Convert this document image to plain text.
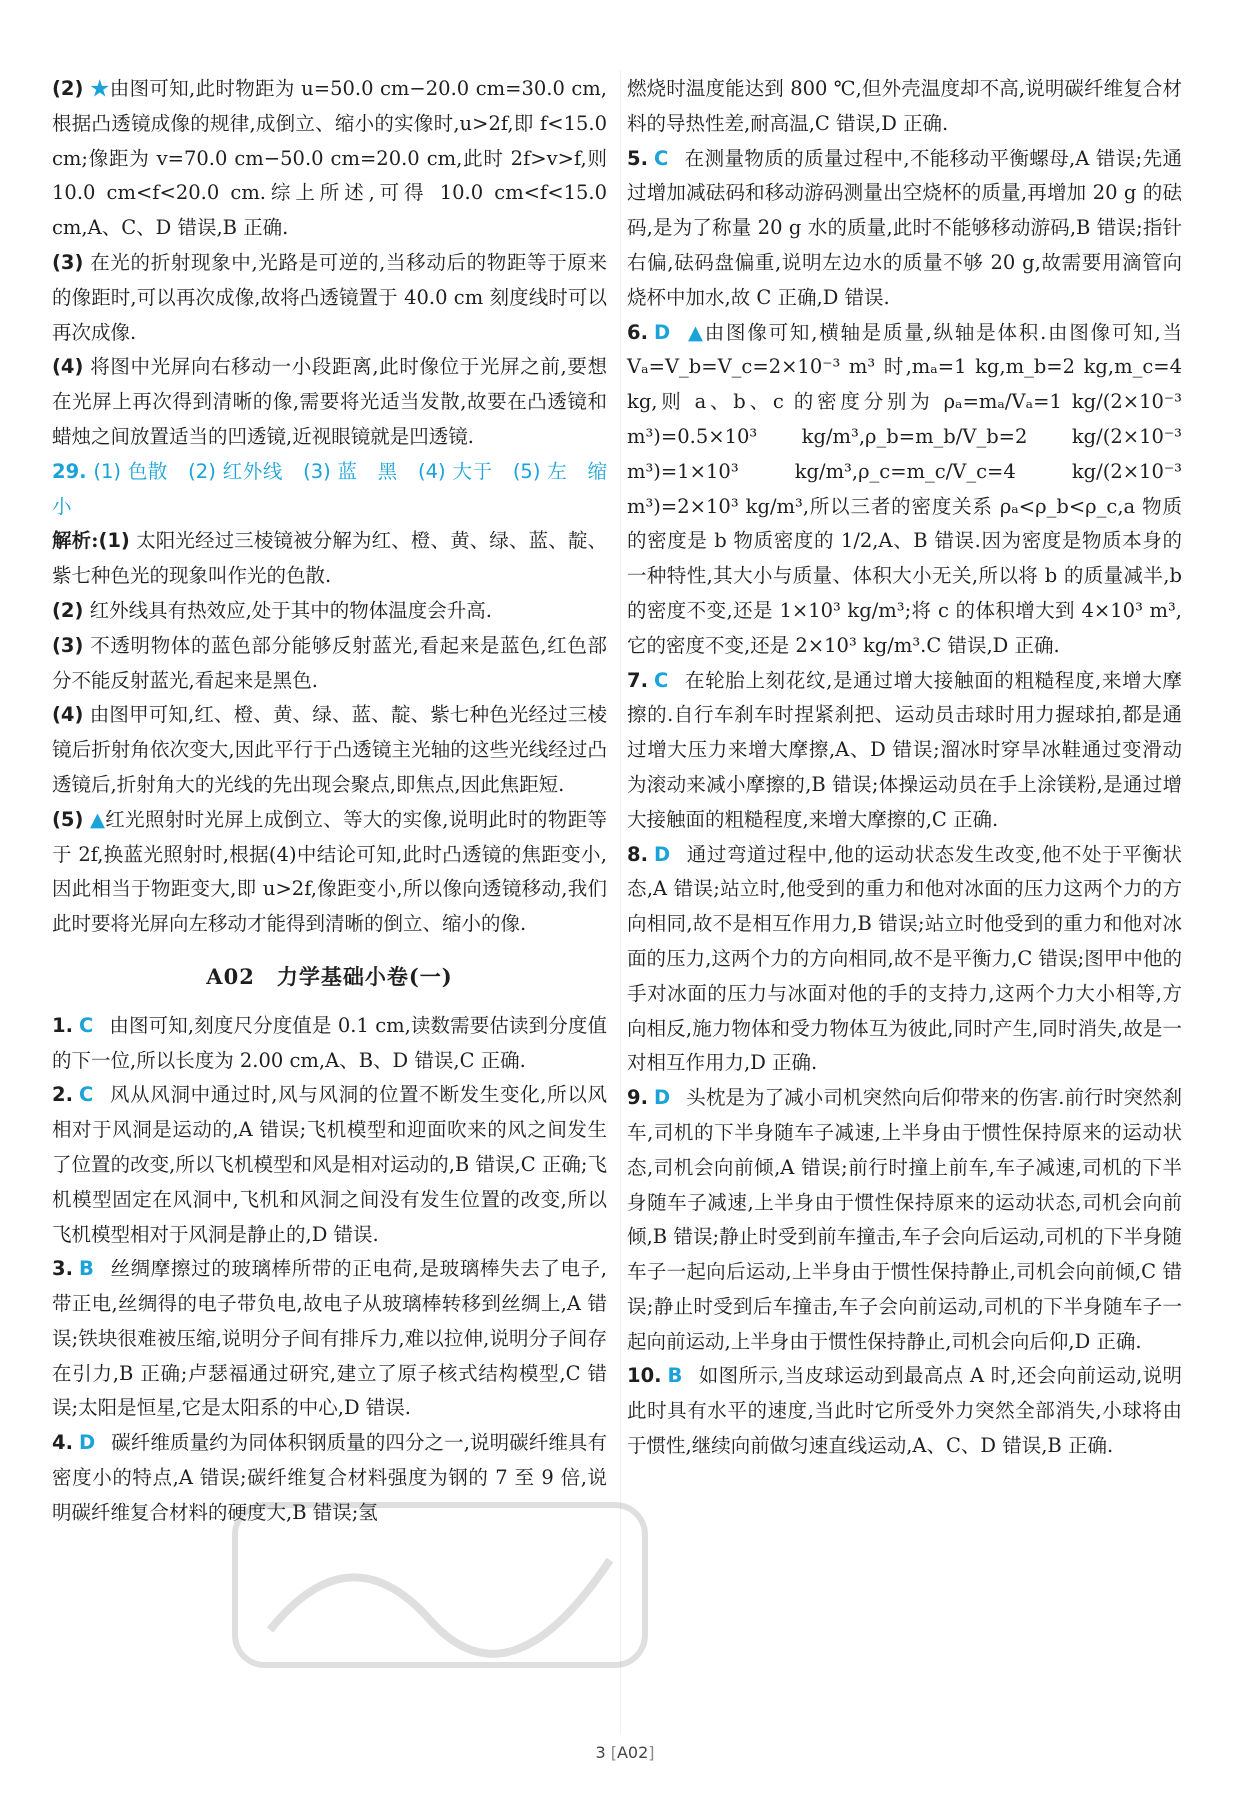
(2) ★由图可知,此时物距为 u=50.0 cm−20.0 cm=30.0 cm,根据凸透镜成像的规律,成倒立、缩小的实像时,u>2f,即 f<15.0 cm;像距为 v=70.0 cm−50.0 cm=20.0 cm,此时 2f>v>f,则 10.0 cm<f<20.0 cm.综上所述,可得 10.0 cm<f<15.0 cm,A、C、D 错误,B 正确.

(3) 在光的折射现象中,光路是可逆的,当移动后的物距等于原来的像距时,可以再次成像,故将凸透镜置于 40.0 cm 刻度线时可以再次成像.

(4) 将图中光屏向右移动一小段距离,此时像位于光屏之前,要想在光屏上再次得到清晰的像,需要将光适当发散,故要在凸透镜和蜡烛之间放置适当的凹透镜,近视眼镜就是凹透镜.

29. (1) 色散　(2) 红外线　(3) 蓝　黑　(4) 大于　(5) 左　缩小

解析:(1) 太阳光经过三棱镜被分解为红、橙、黄、绿、蓝、靛、紫七种色光的现象叫作光的色散.

(2) 红外线具有热效应,处于其中的物体温度会升高.

(3) 不透明物体的蓝色部分能够反射蓝光,看起来是蓝色,红色部分不能反射蓝光,看起来是黑色.

(4) 由图甲可知,红、橙、黄、绿、蓝、靛、紫七种色光经过三棱镜后折射角依次变大,因此平行于凸透镜主光轴的这些光线经过凸透镜后,折射角大的光线的先出现会聚点,即焦点,因此焦距短.

(5) ▲红光照射时光屏上成倒立、等大的实像,说明此时的物距等于 2f,换蓝光照射时,根据(4)中结论可知,此时凸透镜的焦距变小,因此相当于物距变大,即 u>2f,像距变小,所以像向透镜移动,我们此时要将光屏向左移动才能得到清晰的倒立、缩小的像.

A02　力学基础小卷(一)

1. C 由图可知,刻度尺分度值是 0.1 cm,读数需要估读到分度值的下一位,所以长度为 2.00 cm,A、B、D 错误,C 正确.

2. C 风从风洞中通过时,风与风洞的位置不断发生变化,所以风相对于风洞是运动的,A 错误;飞机模型和迎面吹来的风之间发生了位置的改变,所以飞机模型和风是相对运动的,B 错误,C 正确;飞机模型固定在风洞中,飞机和风洞之间没有发生位置的改变,所以飞机模型相对于风洞是静止的,D 错误.

3. B 丝绸摩擦过的玻璃棒所带的正电荷,是玻璃棒失去了电子,带正电,丝绸得的电子带负电,故电子从玻璃棒转移到丝绸上,A 错误;铁块很难被压缩,说明分子间有排斥力,难以拉伸,说明分子间存在引力,B 正确;卢瑟福通过研究,建立了原子核式结构模型,C 错误;太阳是恒星,它是太阳系的中心,D 错误.

4. D 碳纤维质量约为同体积钢质量的四分之一,说明碳纤维具有密度小的特点,A 错误;碳纤维复合材料强度为钢的 7 至 9 倍,说明碳纤维复合材料的硬度大,B 错误;氢

燃烧时温度能达到 800 ℃,但外壳温度却不高,说明碳纤维复合材料的导热性差,耐高温,C 错误,D 正确.

5. C 在测量物质的质量过程中,不能移动平衡螺母,A 错误;先通过增加减砝码和移动游码测量出空烧杯的质量,再增加 20 g 的砝码,是为了称量 20 g 水的质量,此时不能够移动游码,B 错误;指针右偏,砝码盘偏重,说明左边水的质量不够 20 g,故需要用滴管向烧杯中加水,故 C 正确,D 错误.

6. D ▲由图像可知,横轴是质量,纵轴是体积.由图像可知,当 Vₐ=V_b=V_c=2×10⁻³ m³ 时,mₐ=1 kg,m_b=2 kg,m_c=4 kg,则 a、b、c 的密度分别为 ρₐ=mₐ/Vₐ=1 kg/(2×10⁻³ m³)=0.5×10³ kg/m³,ρ_b=m_b/V_b=2 kg/(2×10⁻³ m³)=1×10³ kg/m³,ρ_c=m_c/V_c=4 kg/(2×10⁻³ m³)=2×10³ kg/m³,所以三者的密度关系 ρₐ<ρ_b<ρ_c,a 物质的密度是 b 物质密度的 1/2,A、B 错误.因为密度是物质本身的一种特性,其大小与质量、体积大小无关,所以将 b 的质量减半,b 的密度不变,还是 1×10³ kg/m³;将 c 的体积增大到 4×10³ m³,它的密度不变,还是 2×10³ kg/m³.C 错误,D 正确.

7. C 在轮胎上刻花纹,是通过增大接触面的粗糙程度,来增大摩擦的.自行车刹车时捏紧刹把、运动员击球时用力握球拍,都是通过增大压力来增大摩擦,A、D 错误;溜冰时穿旱冰鞋通过变滑动为滚动来减小摩擦的,B 错误;体操运动员在手上涂镁粉,是通过增大接触面的粗糙程度,来增大摩擦的,C 正确.

8. D 通过弯道过程中,他的运动状态发生改变,他不处于平衡状态,A 错误;站立时,他受到的重力和他对冰面的压力这两个力的方向相同,故不是相互作用力,B 错误;站立时他受到的重力和他对冰面的压力,这两个力的方向相同,故不是平衡力,C 错误;图甲中他的手对冰面的压力与冰面对他的手的支持力,这两个力大小相等,方向相反,施力物体和受力物体互为彼此,同时产生,同时消失,故是一对相互作用力,D 正确.

9. D 头枕是为了减小司机突然向后仰带来的伤害.前行时突然刹车,司机的下半身随车子减速,上半身由于惯性保持原来的运动状态,司机会向前倾,A 错误;前行时撞上前车,车子减速,司机的下半身随车子减速,上半身由于惯性保持原来的运动状态,司机会向前倾,B 错误;静止时受到前车撞击,车子会向后运动,司机的下半身随车子一起向后运动,上半身由于惯性保持静止,司机会向前倾,C 错误;静止时受到后车撞击,车子会向前运动,司机的下半身随车子一起向前运动,上半身由于惯性保持静止,司机会向后仰,D 正确.

10. B 如图所示,当皮球运动到最高点 A 时,还会向前运动,说明此时具有水平的速度,当此时它所受外力突然全部消失,小球将由于惯性,继续向前做匀速直线运动,A、C、D 错误,B 正确.

3 [A02]
